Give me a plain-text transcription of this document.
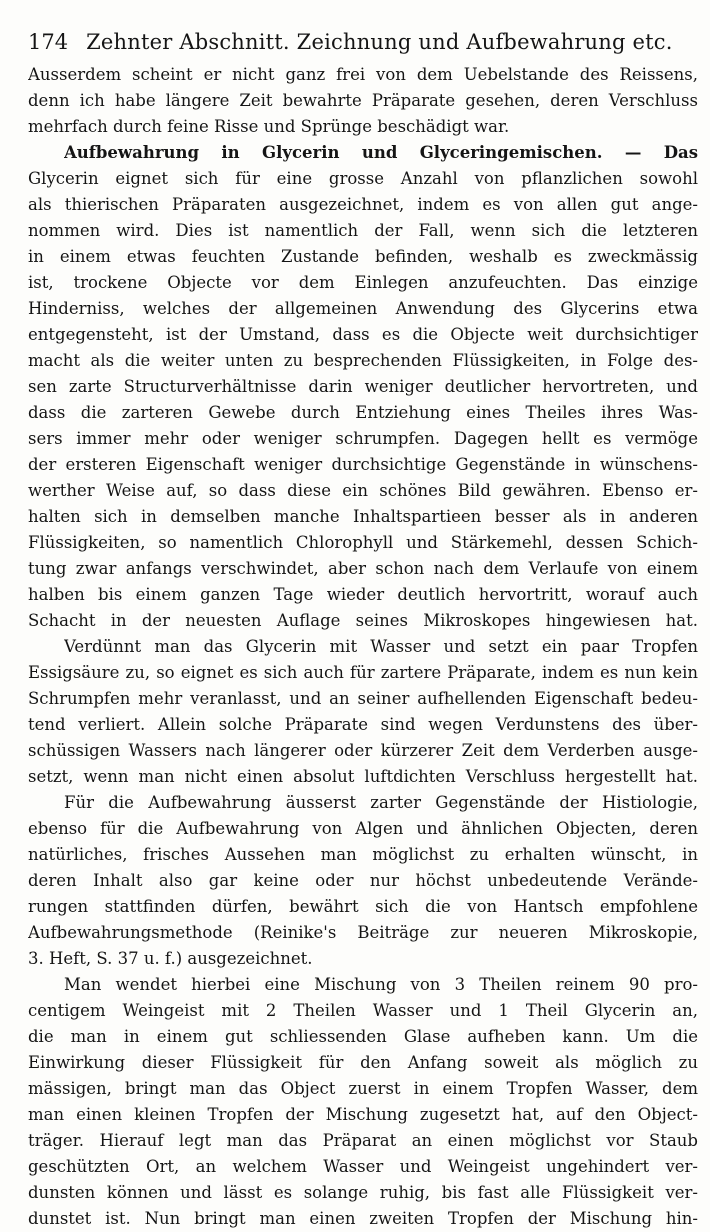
174 Zehnter Abschnitt. Zeichnung und Aufbewahrung etc.
Ausserdem scheint er nicht ganz frei von dem Uebelstande des Reissens,
denn ich habe längere Zeit bewahrte Präparate gesehen, deren Verschluss
mehrfach durch feine Risse und Sprünge beschädigt war.
Aufbewahrung in Glycerin und Glyceringemischen. — Das
Glycerin eignet sich für eine grosse Anzahl von pflanzlichen sowohl
als thierischen Präparaten ausgezeichnet, indem es von allen gut ange-
nommen wird. Dies ist namentlich der Fall, wenn sich die letzteren
in einem etwas feuchten Zustande befinden, weshalb es zweckmässig
ist, trockene Objecte vor dem Einlegen anzufeuchten. Das einzige
Hinderniss, welches der allgemeinen Anwendung des Glycerins etwa
entgegensteht, ist der Umstand, dass es die Objecte weit durchsichtiger
macht als die weiter unten zu besprechenden Flüssigkeiten, in Folge des-
sen zarte Structurverhältnisse darin weniger deutlicher hervortreten, und
dass die zarteren Gewebe durch Entziehung eines Theiles ihres Was-
sers immer mehr oder weniger schrumpfen. Dagegen hellt es vermöge
der ersteren Eigenschaft weniger durchsichtige Gegenstände in wünschens-
werther Weise auf, so dass diese ein schönes Bild gewähren. Ebenso er-
halten sich in demselben manche Inhaltspartieen besser als in anderen
Flüssigkeiten, so namentlich Chlorophyll und Stärkemehl, dessen Schich-
tung zwar anfangs verschwindet, aber schon nach dem Verlaufe von einem
halben bis einem ganzen Tage wieder deutlich hervortritt, worauf auch
Schacht in der neuesten Auflage seines Mikroskopes hingewiesen hat.
Verdünnt man das Glycerin mit Wasser und setzt ein paar Tropfen
Essigsäure zu, so eignet es sich auch für zartere Präparate, indem es nun kein
Schrumpfen mehr veranlasst, und an seiner aufhellenden Eigenschaft bedeu-
tend verliert. Allein solche Präparate sind wegen Verdunstens des über-
schüssigen Wassers nach längerer oder kürzerer Zeit dem Verderben ausge-
setzt, wenn man nicht einen absolut luftdichten Verschluss hergestellt hat.
Für die Aufbewahrung äusserst zarter Gegenstände der Histiologie,
ebenso für die Aufbewahrung von Algen und ähnlichen Objecten, deren
natürliches, frisches Aussehen man möglichst zu erhalten wünscht, in
deren Inhalt also gar keine oder nur höchst unbedeutende Verände-
rungen stattfinden dürfen, bewährt sich die von Hantsch empfohlene
Aufbewahrungsmethode (Reinike's Beiträge zur neueren Mikroskopie,
3. Heft, S. 37 u. f.) ausgezeichnet.
Man wendet hierbei eine Mischung von 3 Theilen reinem 90 pro-
centigem Weingeist mit 2 Theilen Wasser und 1 Theil Glycerin an,
die man in einem gut schliessenden Glase aufheben kann. Um die
Einwirkung dieser Flüssigkeit für den Anfang soweit als möglich zu
mässigen, bringt man das Object zuerst in einem Tropfen Wasser, dem
man einen kleinen Tropfen der Mischung zugesetzt hat, auf den Object-
träger. Hierauf legt man das Präparat an einen möglichst vor Staub
geschützten Ort, an welchem Wasser und Weingeist ungehindert ver-
dunsten können und lässt es solange ruhig, bis fast alle Flüssigkeit ver-
dunstet ist. Nun bringt man einen zweiten Tropfen der Mischung hin-
